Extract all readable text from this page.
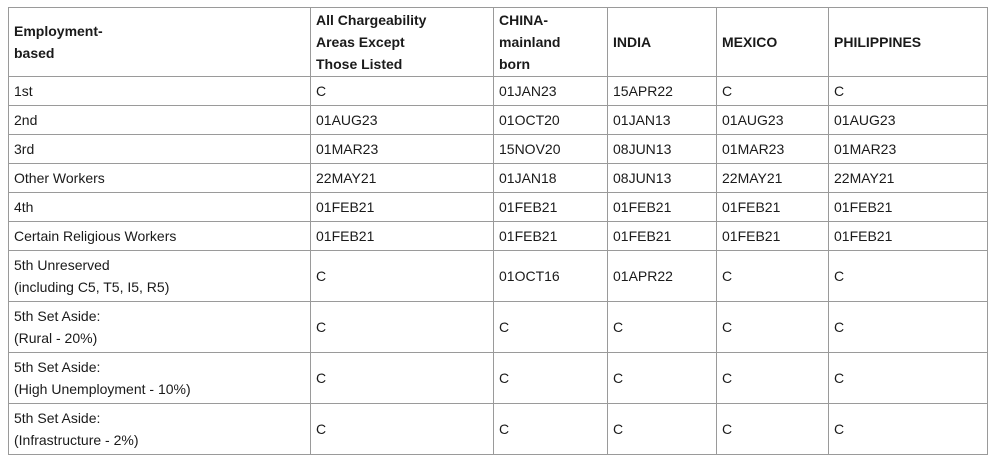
Employment-
based	All Chargeability
Areas Except
Those Listed	CHINA-
mainland
born	INDIA	MEXICO	PHILIPPINES
1st	C	01JAN23	15APR22	C	C
2nd	01AUG23	01OCT20	01JAN13	01AUG23	01AUG23
3rd	01MAR23	15NOV20	08JUN13	01MAR23	01MAR23
Other Workers	22MAY21	01JAN18	08JUN13	22MAY21	22MAY21
4th	01FEB21	01FEB21	01FEB21	01FEB21	01FEB21
Certain Religious Workers	01FEB21	01FEB21	01FEB21	01FEB21	01FEB21
5th Unreserved
(including C5, T5, I5, R5)	C	01OCT16	01APR22	C	C
5th Set Aside:
(Rural - 20%)	C	C	C	C	C
5th Set Aside:
(High Unemployment - 10%)	C	C	C	C	C
5th Set Aside:
(Infrastructure - 2%)	C	C	C	C	C
